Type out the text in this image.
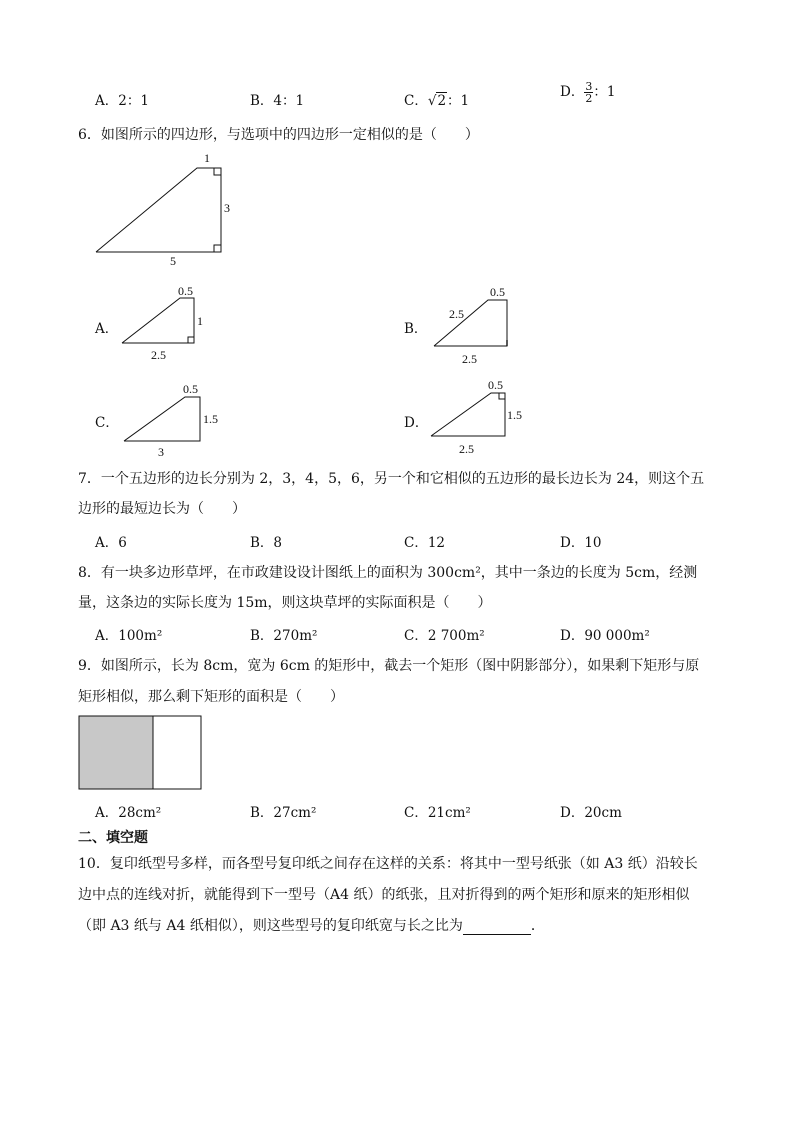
A．2：1	B．4：1	C．√2：1
D． $\frac{3}{2}$ ：1
6．如图所示的四边形，与选项中的四边形一定相似的是（　　）
1
3
5
A．
0.5
1
2.5
B．
0.5
2.5
2.5
C．
0.5
1.5
3
D．
0.5
1.5
2.5
7．一个五边形的边长分别为 2，3，4，5，6，另一个和它相似的五边形的最长边长为 24，则这个五
边形的最短边长为（　　）
A．6	B．8	C．12	D．10
8．有一块多边形草坪，在市政建设设计图纸上的面积为 300cm²，其中一条边的长度为 5cm，经测
量，这条边的实际长度为 15m，则这块草坪的实际面积是（　　）
A．100m²	B．270m²	C．2 700m²	D．90 000m²
9．如图所示，长为 8cm，宽为 6cm 的矩形中，截去一个矩形（图中阴影部分），如果剩下矩形与原
矩形相似，那么剩下矩形的面积是（　　）
A．28cm²	B．27cm²	C．21cm²	D．20cm
二、填空题
10．复印纸型号多样，而各型号复印纸之间存在这样的关系：将其中一型号纸张（如 A3 纸）沿较长
边中点的连线对折，就能得到下一型号（A4 纸）的纸张，且对折得到的两个矩形和原来的矩形相似
（即 A3 纸与 A4 纸相似），则这些型号的复印纸宽与长之比为	．
